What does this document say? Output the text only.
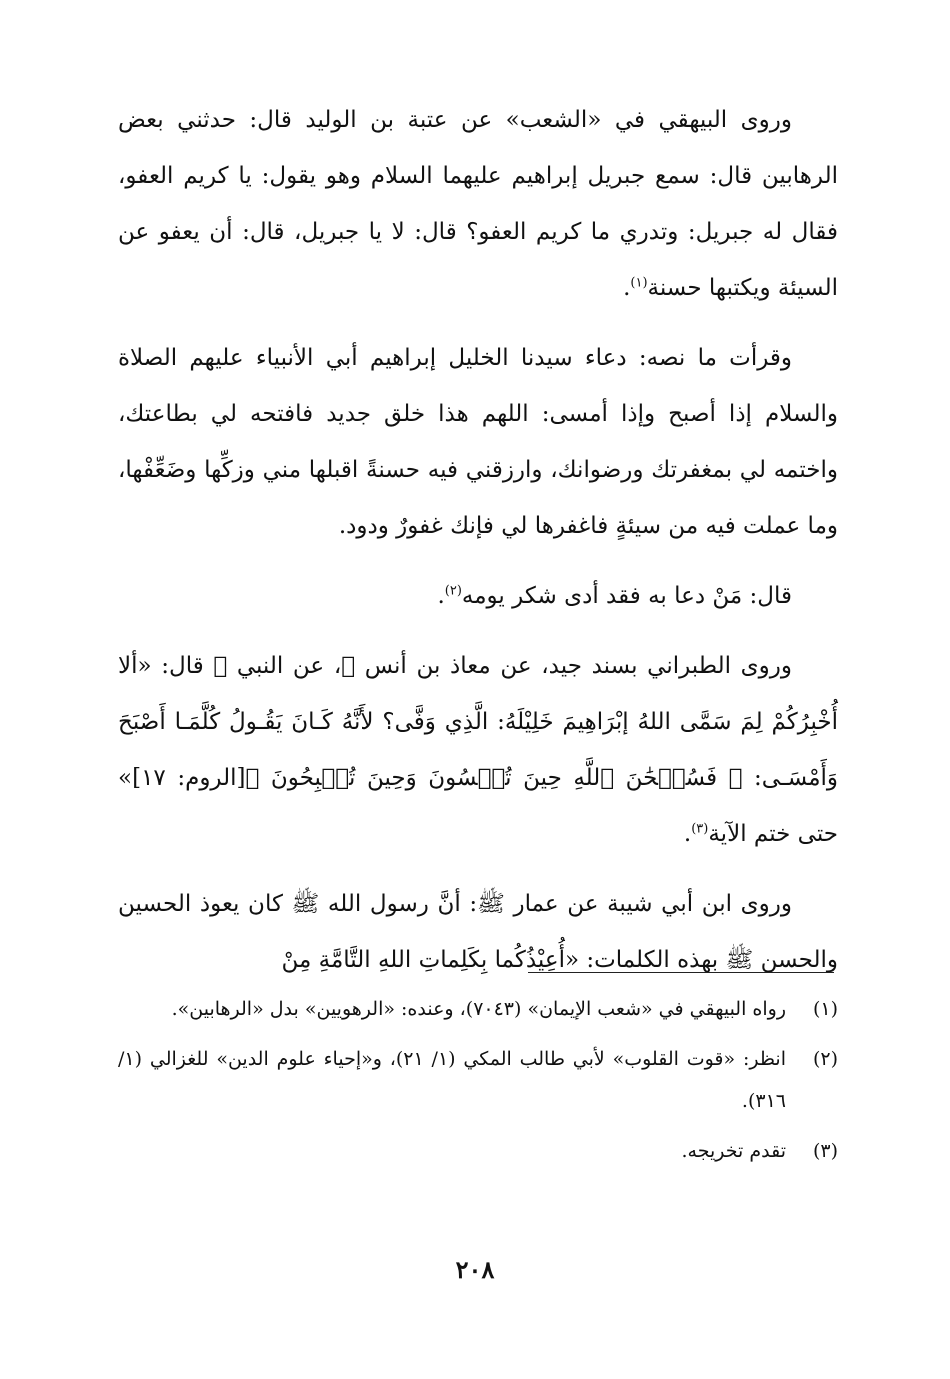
وروى البيهقي في «الشعب» عن عتبة بن الوليد قال: حدثني بعض الرهابين قال: سمع جبريل إبراهيم عليهما السلام وهو يقول: يا كريم العفو، فقال له جبريل: وتدري ما كريم العفو؟ قال: لا يا جبريل، قال: أن يعفو عن السيئة ويكتبها حسنة$^{(١)}$.

وقرأت ما نصه: دعاء سيدنا الخليل إبراهيم أبي الأنبياء عليهم الصلاة والسلام إذا أصبح وإذا أمسى: اللهم هذا خلق جديد فافتحه لي بطاعتك، واختمه لي بمغفرتك ورضوانك، وارزقني فيه حسنةً اقبلها مني وزكِّها وضَعِّفْها، وما عملت فيه من سيئةٍ فاغفرها لي فإنك غفورٌ ودود.

قال: مَنْ دعا به فقد أدى شكر يومه$^{(٢)}$.

وروى الطبراني بسند جيد، عن معاذ بن أنس ﷺ، عن النبي ﷺ قال: «ألا أُخْبِرُكُمْ لِمَ سَمَّى اللهُ إبْرَاهِيمَ خَلِيْلَهُ: الَّذِي وَفَّى؟ لأَنَّهُ كَـانَ يَقُـولُ كُلَّمَـا أَصْبَحَ وَأَمْسَـى: ﴿ فَسُبۡحَٰنَ ٱللَّهِ حِينَ تُمۡسُونَ وَحِينَ تُصۡبِحُونَ ﴾[الروم: ١٧]» حتى ختم الآية$^{(٣)}$.

وروى ابن أبي شيبة عن عمار ﷺ: أنَّ رسول الله ﷺ كان يعوذ الحسين والحسن ﷺ بهذه الكلمات: «أُعِيْذُكُما بِكَلِماتِ اللهِ التَّامَّةِ مِنْ

(١)
رواه البيهقي في «شعب الإيمان» (٧٠٤٣)، وعنده: «الرهويين» بدل «الرهابين».
(٢)
انظر: «قوت القلوب» لأبي طالب المكي (١/ ٢١)، و«إحياء علوم الدين» للغزالي (١/ ٣١٦).
(٣)
تقدم تخريجه.
٢٠٨
